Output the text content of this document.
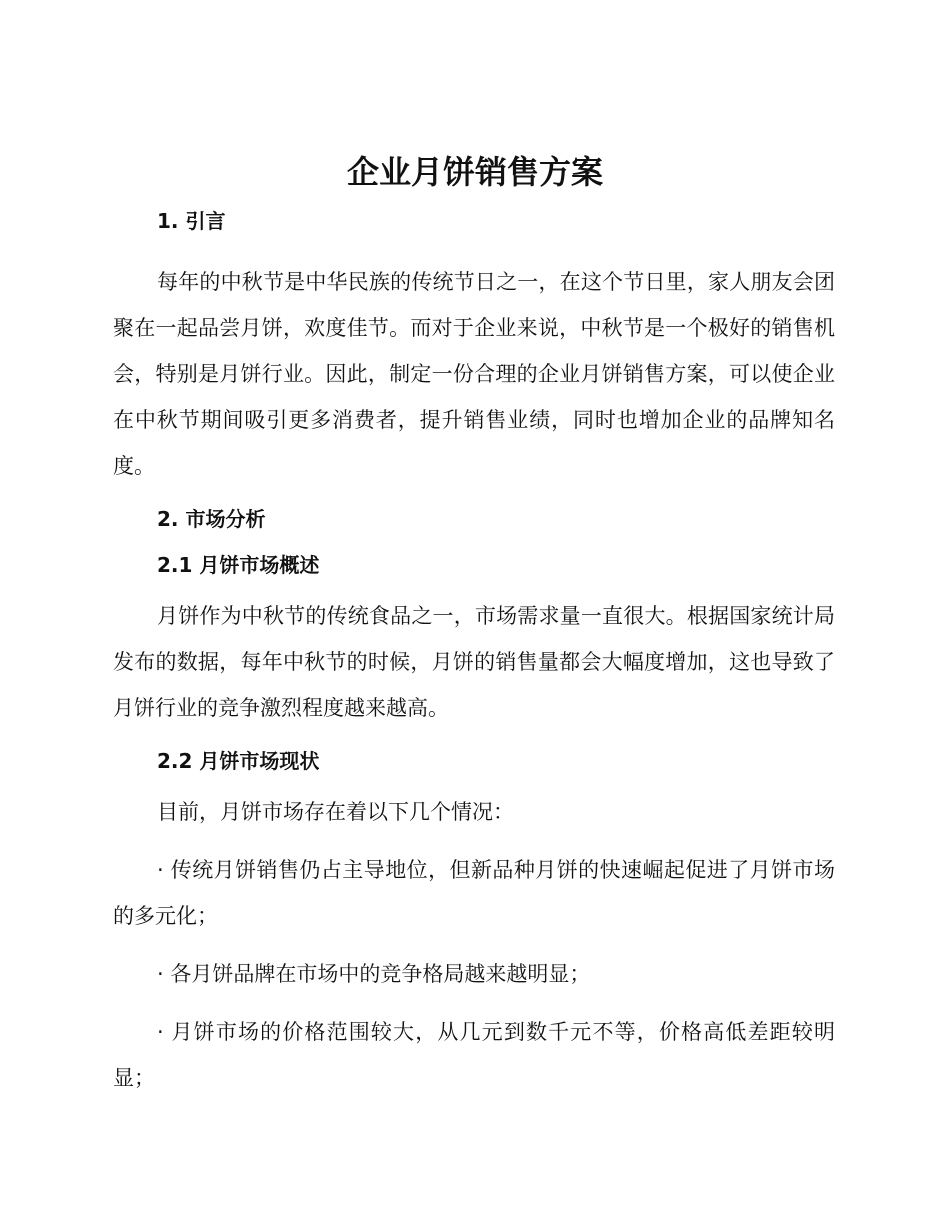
企业月饼销售方案
1. 引言

每年的中秋节是中华民族的传统节日之一，在这个节日里，家人朋友会团聚在一起品尝月饼，欢度佳节。而对于企业来说，中秋节是一个极好的销售机会，特别是月饼行业。因此，制定一份合理的企业月饼销售方案，可以使企业在中秋节期间吸引更多消费者，提升销售业绩，同时也增加企业的品牌知名度。

2. 市场分析
2.1 月饼市场概述

月饼作为中秋节的传统食品之一，市场需求量一直很大。根据国家统计局发布的数据，每年中秋节的时候，月饼的销售量都会大幅度增加，这也导致了月饼行业的竞争激烈程度越来越高。

2.2 月饼市场现状

目前，月饼市场存在着以下几个情况：

· 传统月饼销售仍占主导地位，但新品种月饼的快速崛起促进了月饼市场的多元化；

· 各月饼品牌在市场中的竞争格局越来越明显；

· 月饼市场的价格范围较大，从几元到数千元不等，价格高低差距较明显；
